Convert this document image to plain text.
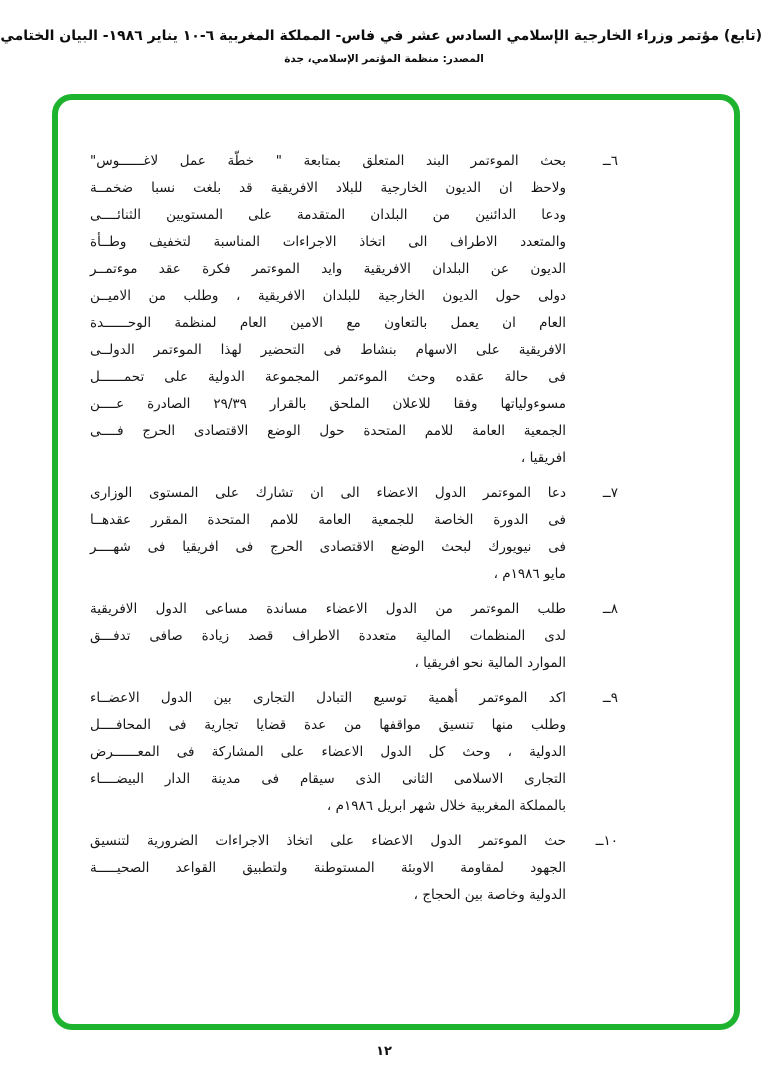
(تابع) مؤتمر وزراء الخارجية الإسلامي السادس عشر في فاس- المملكة المغربية ٦-١٠ يناير ١٩٨٦- البيان الختامي
المصدر: منظمة المؤتمر الإسلامي، جدة
٦ــ
بحث الموءتمر البند المتعلق بمتابعة " خطّة عمل لاغــــــوس"
ولاحظ ان الديون الخارجية للبلاد الافريقية قد بلغت نسبا ضخمــة
ودعا الدائنين من البلدان المتقدمة على المستويين الثنائــــى
والمتعدد الاطراف الى اتخاذ الاجراءات المناسبة لتخفيف وطــأة
الديون عن البلدان الافريقية وايد الموءتمر فكرة عقد موءتمــر
دولى حول الديون الخارجية للبلدان الافريقية ، وطلب من الاميــن
العام ان يعمل بالتعاون مع الامين العام لمنظمة الوحــــــدة
الافريقية على الاسهام بنشاط فى التحضير لهذا الموءتمر الدولــى
فى حالة عقده وحث الموءتمر المجموعة الدولية على تحمــــــل
مسوءولياتها وفقا للاعلان الملحق بالقرار ٢٩/٣٩ الصادرة عــــن
الجمعية العامة للامم المتحدة حول الوضع الاقتصادى الحرج فــــى
افريقيا ،
٧ــ
دعا الموءتمر الدول الاعضاء الى ان تشارك على المستوى الوزارى
فى الدورة الخاصة للجمعية العامة للامم المتحدة المقرر عقدهــا
فى نيويورك لبحث الوضع الاقتصادى الحرج فى افريقيا فى شهــــر
مايو ١٩٨٦م ،
٨ــ
طلب الموءتمر من الدول الاعضاء مساندة مساعى الدول الافريقية
لدى المنظمات المالية متعددة الاطراف قصد زيادة صافى تدفـــق
الموارد المالية نحو افريقيا ،
٩ــ
اكد الموءتمر أهمية توسيع التبادل التجارى بين الدول الاعضــاء
وطلب منها تنسيق مواقفها من عدة قضايا تجارية فى المحافــــل
الدولية ، وحث كل الدول الاعضاء على المشاركة فى المعــــــرض
التجارى الاسلامى الثانى الذى سيقام فى مدينة الدار البيضــــاء
بالمملكة المغربية خلال شهر ابريل ١٩٨٦م ،
١٠ــ
حث الموءتمر الدول الاعضاء على اتخاذ الاجراءات الضرورية لتنسيق
الجهود لمقاومة الاوبئة المستوطنة ولتطبيق القواعد الصحيـــــة
الدولية وخاصة بين الحجاج ،
١٢
